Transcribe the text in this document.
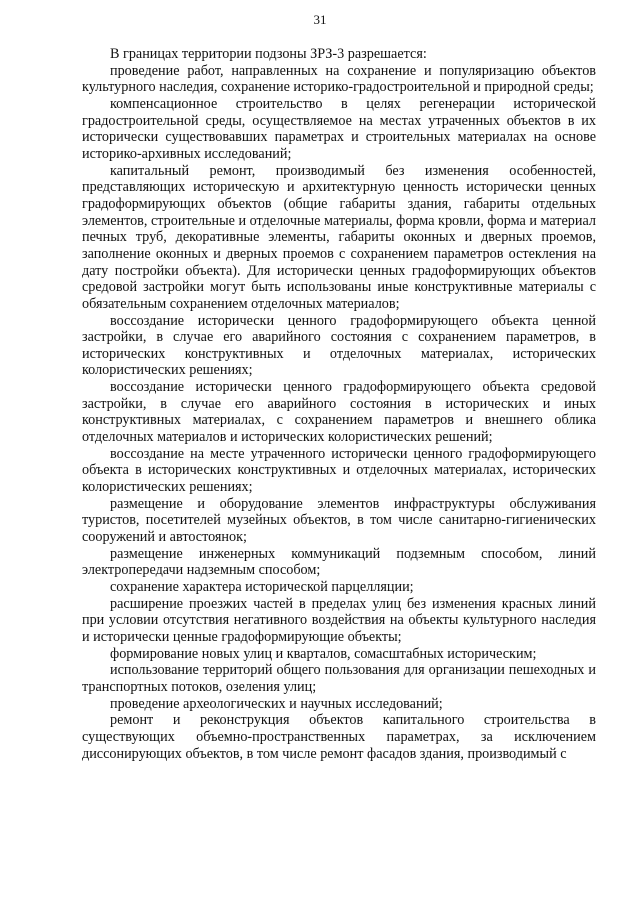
31

В границах территории подзоны ЗРЗ-3 разрешается:

проведение работ, направленных на сохранение и популяризацию объектов культурного наследия, сохранение историко-градостроительной и природной среды;

компенсационное строительство в целях регенерации исторической градостроительной среды, осуществляемое на местах утраченных объектов в их исторически существовавших параметрах и строительных материалах на основе историко-архивных исследований;

капитальный ремонт, производимый без изменения особенностей, представляющих историческую и архитектурную ценность исторически ценных градоформирующих объектов (общие габариты здания, габариты отдельных элементов, строительные и отделочные материалы, форма кровли, форма и материал печных труб, декоративные элементы, габариты оконных и дверных проемов, заполнение оконных и дверных проемов с сохранением параметров остекления на дату постройки объекта). Для исторически ценных градоформирующих объектов средовой застройки могут быть использованы иные конструктивные материалы с обязательным сохранением отделочных материалов;

воссоздание исторически ценного градоформирующего объекта ценной застройки, в случае его аварийного состояния с сохранением параметров, в исторических конструктивных и отделочных материалах, исторических колористических решениях;

воссоздание исторически ценного градоформирующего объекта средовой застройки, в случае его аварийного состояния в исторических и иных конструктивных материалах, с сохранением параметров и внешнего облика отделочных материалов и исторических колористических решений;

воссоздание на месте утраченного исторически ценного градоформирующего объекта в исторических конструктивных и отделочных материалах, исторических колористических решениях;

размещение и оборудование элементов инфраструктуры обслуживания туристов, посетителей музейных объектов, в том числе санитарно-гигиенических сооружений и автостоянок;

размещение инженерных коммуникаций подземным способом, линий электропередачи надземным способом;

сохранение характера исторической парцелляции;

расширение проезжих частей в пределах улиц без изменения красных линий при условии отсутствия негативного воздействия на объекты культурного наследия и исторически ценные градоформирующие объекты;

формирование новых улиц и кварталов, сомасштабных историческим;

использование территорий общего пользования для организации пешеходных и транспортных потоков, озеления улиц;

проведение археологических и научных исследований;

ремонт и реконструкция объектов капитального строительства в существующих объемно-пространственных параметрах, за исключением диссонирующих объектов, в том числе ремонт фасадов здания, производимый с
